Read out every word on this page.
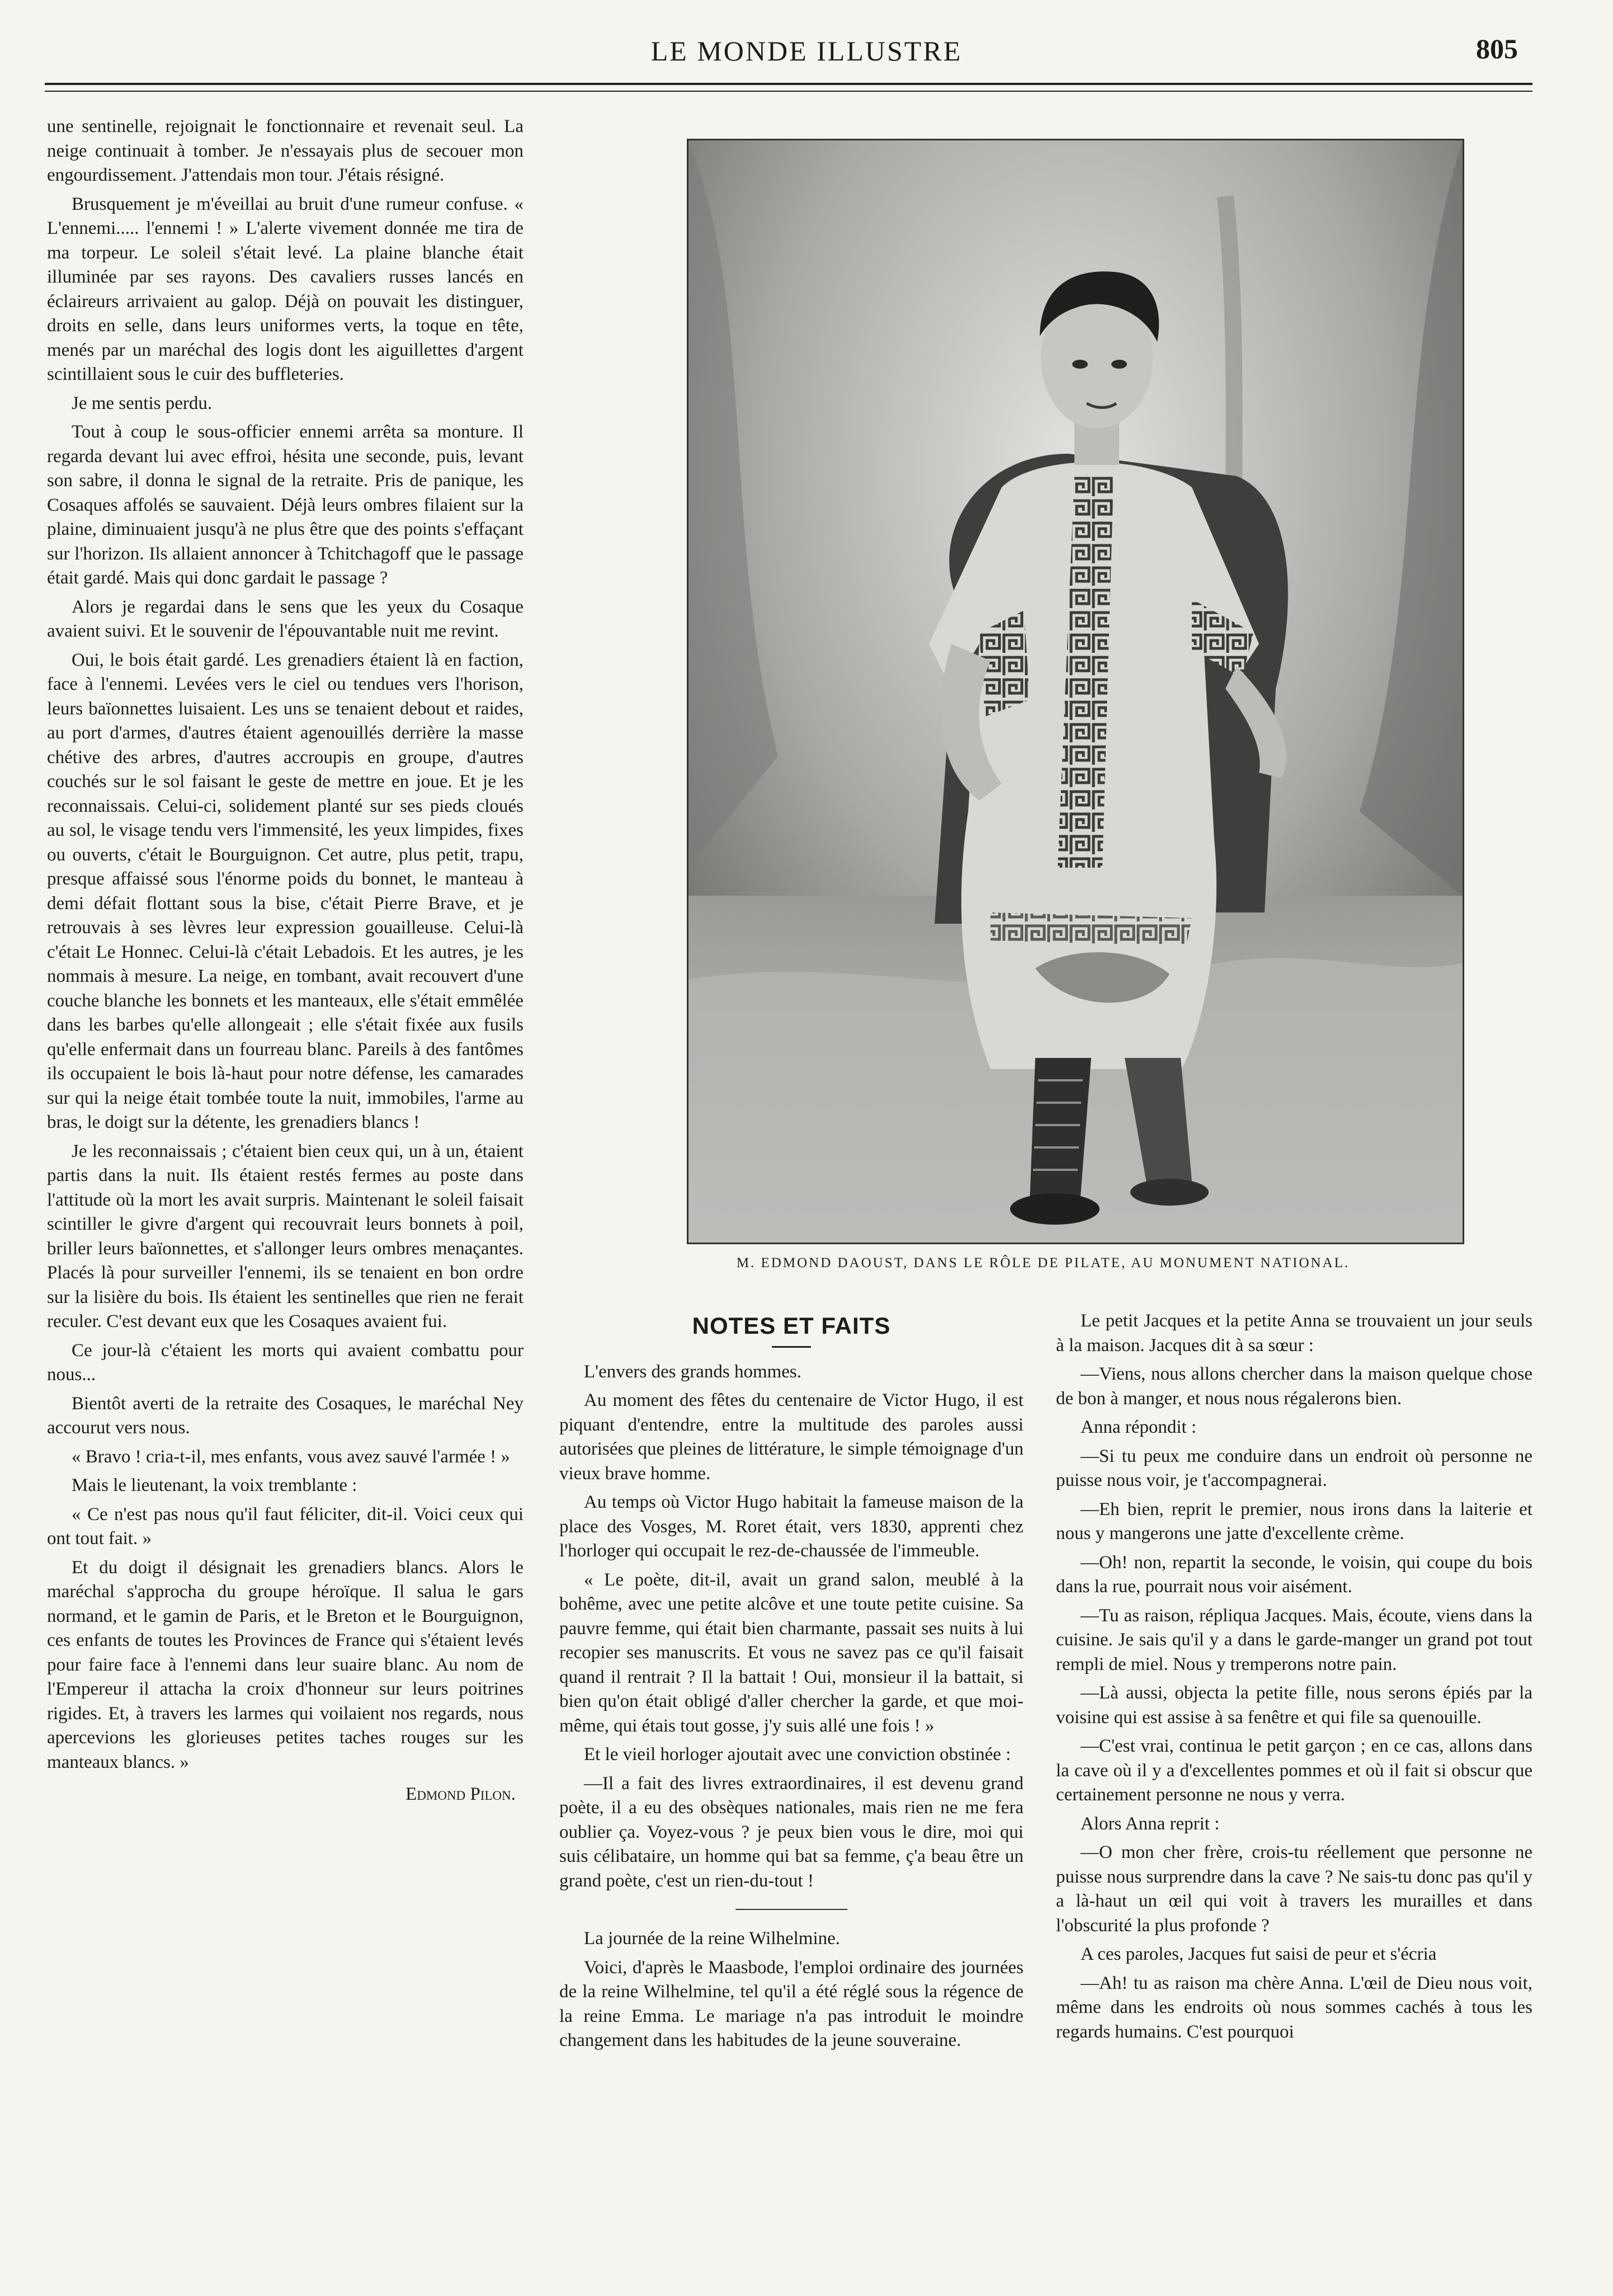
LE MONDE ILLUSTRE	805

une sentinelle, rejoignait le fonctionnaire et revenait seul. La neige continuait à tomber. Je n'essayais plus de secouer mon engourdissement. J'attendais mon tour. J'étais résigné.

Brusquement je m'éveillai au bruit d'une rumeur confuse. « L'ennemi..... l'ennemi ! » L'alerte vivement donnée me tira de ma torpeur. Le soleil s'était levé. La plaine blanche était illuminée par ses rayons. Des cavaliers russes lancés en éclaireurs arrivaient au galop. Déjà on pouvait les distinguer, droits en selle, dans leurs uniformes verts, la toque en tête, menés par un maréchal des logis dont les aiguillettes d'argent scintillaient sous le cuir des buffleteries.

Je me sentis perdu.

Tout à coup le sous-officier ennemi arrêta sa monture. Il regarda devant lui avec effroi, hésita une seconde, puis, levant son sabre, il donna le signal de la retraite. Pris de panique, les Cosaques affolés se sauvaient. Déjà leurs ombres filaient sur la plaine, diminuaient jusqu'à ne plus être que des points s'effaçant sur l'horizon. Ils allaient annoncer à Tchitchagoff que le passage était gardé. Mais qui donc gardait le passage ?

Alors je regardai dans le sens que les yeux du Cosaque avaient suivi. Et le souvenir de l'épouvantable nuit me revint.

Oui, le bois était gardé. Les grenadiers étaient là en faction, face à l'ennemi. Levées vers le ciel ou tendues vers l'horison, leurs baïonnettes luisaient. Les uns se tenaient debout et raides, au port d'armes, d'autres étaient agenouillés derrière la masse chétive des arbres, d'autres accroupis en groupe, d'autres couchés sur le sol faisant le geste de mettre en joue. Et je les reconnaissais. Celui-ci, solidement planté sur ses pieds cloués au sol, le visage tendu vers l'immensité, les yeux limpides, fixes ou ouverts, c'était le Bourguignon. Cet autre, plus petit, trapu, presque affaissé sous l'énorme poids du bonnet, le manteau à demi défait flottant sous la bise, c'était Pierre Brave, et je retrouvais à ses lèvres leur expression gouailleuse. Celui-là c'était Le Honnec. Celui-là c'était Lebadois. Et les autres, je les nommais à mesure. La neige, en tombant, avait recouvert d'une couche blanche les bonnets et les manteaux, elle s'était emmêlée dans les barbes qu'elle allongeait ; elle s'était fixée aux fusils qu'elle enfermait dans un fourreau blanc. Pareils à des fantômes ils occupaient le bois là-haut pour notre défense, les camarades sur qui la neige était tombée toute la nuit, immobiles, l'arme au bras, le doigt sur la détente, les grenadiers blancs !

Je les reconnaissais ; c'étaient bien ceux qui, un à un, étaient partis dans la nuit. Ils étaient restés fermes au poste dans l'attitude où la mort les avait surpris. Maintenant le soleil faisait scintiller le givre d'argent qui recouvrait leurs bonnets à poil, briller leurs baïonnettes, et s'allonger leurs ombres menaçantes. Placés là pour surveiller l'ennemi, ils se tenaient en bon ordre sur la lisière du bois. Ils étaient les sentinelles que rien ne ferait reculer. C'est devant eux que les Cosaques avaient fui.

Ce jour-là c'étaient les morts qui avaient combattu pour nous...

Bientôt averti de la retraite des Cosaques, le maréchal Ney accourut vers nous.

« Bravo ! cria-t-il, mes enfants, vous avez sauvé l'armée ! »

Mais le lieutenant, la voix tremblante :

« Ce n'est pas nous qu'il faut féliciter, dit-il. Voici ceux qui ont tout fait. »

Et du doigt il désignait les grenadiers blancs. Alors le maréchal s'approcha du groupe héroïque. Il salua le gars normand, et le gamin de Paris, et le Breton et le Bourguignon, ces enfants de toutes les Provinces de France qui s'étaient levés pour faire face à l'ennemi dans leur suaire blanc. Au nom de l'Empereur il attacha la croix d'honneur sur leurs poitrines rigides. Et, à travers les larmes qui voilaient nos regards, nous apercevions les glorieuses petites taches rouges sur les manteaux blancs. »

Edmond Pilon.
M. EDMOND DAOUST, DANS LE RÔLE DE PILATE, AU MONUMENT NATIONAL.
NOTES ET FAITS

L'envers des grands hommes.

Au moment des fêtes du centenaire de Victor Hugo, il est piquant d'entendre, entre la multitude des paroles aussi autorisées que pleines de littérature, le simple témoignage d'un vieux brave homme.

Au temps où Victor Hugo habitait la fameuse maison de la place des Vosges, M. Roret était, vers 1830, apprenti chez l'horloger qui occupait le rez-de-chaussée de l'immeuble.

« Le poète, dit-il, avait un grand salon, meublé à la bohême, avec une petite alcôve et une toute petite cuisine. Sa pauvre femme, qui était bien charmante, passait ses nuits à lui recopier ses manuscrits. Et vous ne savez pas ce qu'il faisait quand il rentrait ? Il la battait ! Oui, monsieur il la battait, si bien qu'on était obligé d'aller chercher la garde, et que moi-même, qui étais tout gosse, j'y suis allé une fois ! »

Et le vieil horloger ajoutait avec une conviction obstinée :

—Il a fait des livres extraordinaires, il est devenu grand poète, il a eu des obsèques nationales, mais rien ne me fera oublier ça. Voyez-vous ? je peux bien vous le dire, moi qui suis célibataire, un homme qui bat sa femme, ç'a beau être un grand poète, c'est un rien-du-tout !

La journée de la reine Wilhelmine.

Voici, d'après le Maasbode, l'emploi ordinaire des journées de la reine Wilhelmine, tel qu'il a été réglé sous la régence de la reine Emma. Le mariage n'a pas introduit le moindre changement dans les habitudes de la jeune souveraine.

Le petit Jacques et la petite Anna se trouvaient un jour seuls à la maison. Jacques dit à sa sœur :

—Viens, nous allons chercher dans la maison quelque chose de bon à manger, et nous nous régalerons bien.

Anna répondit :

—Si tu peux me conduire dans un endroit où personne ne puisse nous voir, je t'accompagnerai.

—Eh bien, reprit le premier, nous irons dans la laiterie et nous y mangerons une jatte d'excellente crème.

—Oh! non, repartit la seconde, le voisin, qui coupe du bois dans la rue, pourrait nous voir aisément.

—Tu as raison, répliqua Jacques. Mais, écoute, viens dans la cuisine. Je sais qu'il y a dans le garde-manger un grand pot tout rempli de miel. Nous y tremperons notre pain.

—Là aussi, objecta la petite fille, nous serons épiés par la voisine qui est assise à sa fenêtre et qui file sa quenouille.

—C'est vrai, continua le petit garçon ; en ce cas, allons dans la cave où il y a d'excellentes pommes et où il fait si obscur que certainement personne ne nous y verra.

Alors Anna reprit :

—O mon cher frère, crois-tu réellement que personne ne puisse nous surprendre dans la cave ? Ne sais-tu donc pas qu'il y a là-haut un œil qui voit à travers les murailles et dans l'obscurité la plus profonde ?

A ces paroles, Jacques fut saisi de peur et s'écria

—Ah! tu as raison ma chère Anna. L'œil de Dieu nous voit, même dans les endroits où nous sommes cachés à tous les regards humains. C'est pourquoi
